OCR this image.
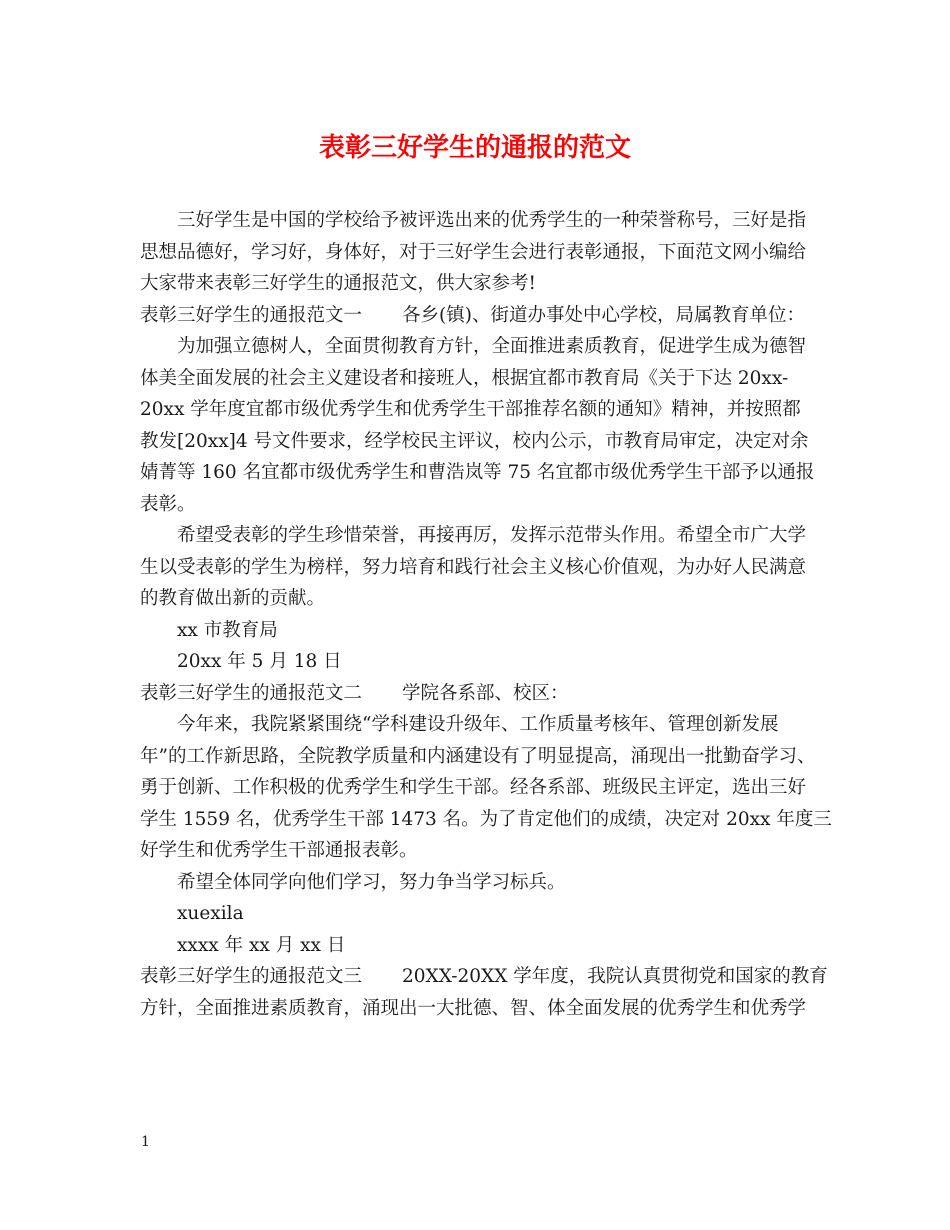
表彰三好学生的通报的范文
三好学生是中国的学校给予被评选出来的优秀学生的一种荣誉称号，三好是指
思想品德好，学习好，身体好，对于三好学生会进行表彰通报，下面范文网小编给
大家带来表彰三好学生的通报范文，供大家参考!
表彰三好学生的通报范文一 各乡(镇)、街道办事处中心学校，局属教育单位：
为加强立德树人，全面贯彻教育方针，全面推进素质教育，促进学生成为德智
体美全面发展的社会主义建设者和接班人，根据宜都市教育局《关于下达 20xx-
20xx 学年度宜都市级优秀学生和优秀学生干部推荐名额的通知》精神，并按照都
教发[20xx]4 号文件要求，经学校民主评议，校内公示，市教育局审定，决定对余
婧菁等 160 名宜都市级优秀学生和曹浩岚等 75 名宜都市级优秀学生干部予以通报
表彰。
希望受表彰的学生珍惜荣誉，再接再厉，发挥示范带头作用。希望全市广大学
生以受表彰的学生为榜样，努力培育和践行社会主义核心价值观，为办好人民满意
的教育做出新的贡献。
xx 市教育局
20xx 年 5 月 18 日
表彰三好学生的通报范文二 学院各系部、校区：
今年来，我院紧紧围绕“学科建设升级年、工作质量考核年、管理创新发展
年”的工作新思路，全院教学质量和内涵建设有了明显提高，涌现出一批勤奋学习、
勇于创新、工作积极的优秀学生和学生干部。经各系部、班级民主评定，选出三好
学生 1559 名，优秀学生干部 1473 名。为了肯定他们的成绩，决定对 20xx 年度三
好学生和优秀学生干部通报表彰。
希望全体同学向他们学习，努力争当学习标兵。
xuexila
xxxx 年 xx 月 xx 日
表彰三好学生的通报范文三 20XX-20XX 学年度，我院认真贯彻党和国家的教育
方针，全面推进素质教育，涌现出一大批德、智、体全面发展的优秀学生和优秀学
1
